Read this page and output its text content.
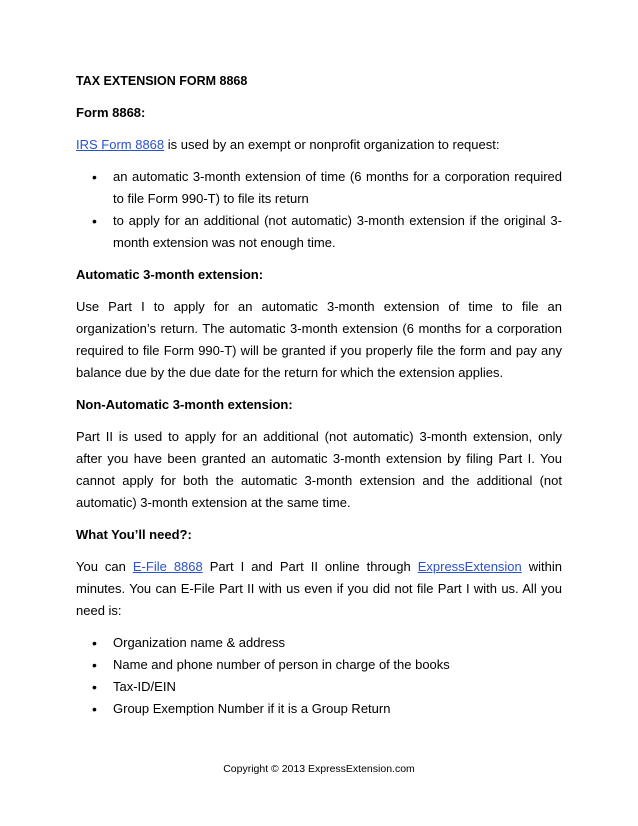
TAX EXTENSION FORM 8868
Form 8868:

IRS Form 8868 is used by an exempt or nonprofit organization to request:

• an automatic 3-month extension of time (6 months for a corporation required to file Form 990-T) to file its return
• to apply for an additional (not automatic) 3-month extension if the original 3-month extension was not enough time.
Automatic 3-month extension:

Use Part I to apply for an automatic 3-month extension of time to file an organization’s return. The automatic 3-month extension (6 months for a corporation required to file Form 990-T) will be granted if you properly file the form and pay any balance due by the due date for the return for which the extension applies.

Non-Automatic 3-month extension:

Part II is used to apply for an additional (not automatic) 3-month extension, only after you have been granted an automatic 3-month extension by filing Part I. You cannot apply for both the automatic 3-month extension and the additional (not automatic) 3-month extension at the same time.

What You’ll need?:

You can E-File 8868 Part I and Part II online through ExpressExtension within minutes. You can E-File Part II with us even if you did not file Part I with us. All you need is:

• Organization name & address
• Name and phone number of person in charge of the books
• Tax-ID/EIN
• Group Exemption Number if it is a Group Return
Copyright © 2013 ExpressExtension.com
